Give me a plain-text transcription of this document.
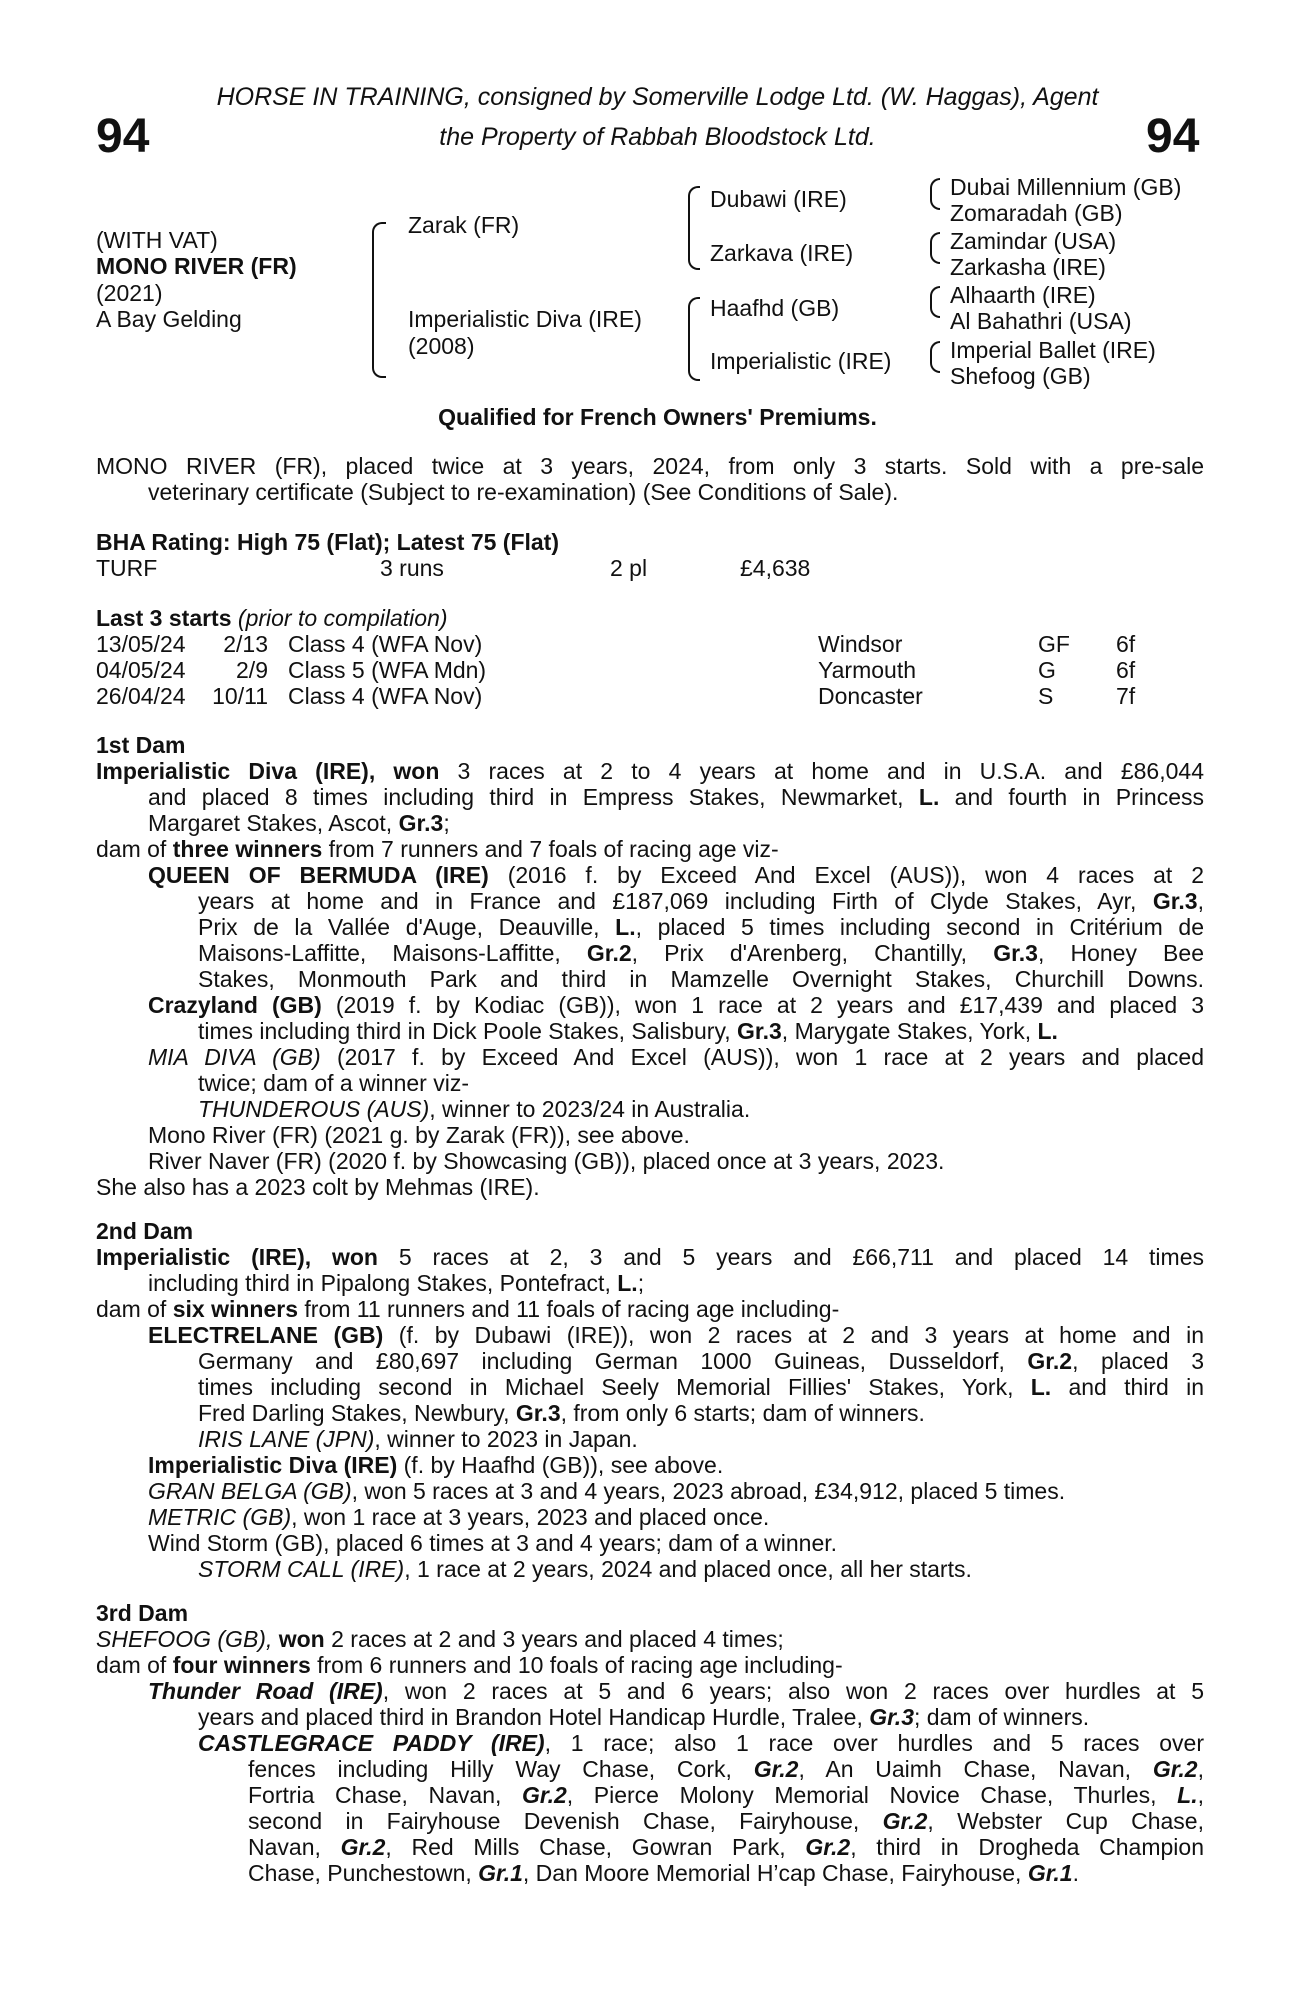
94	94
HORSE IN TRAINING, consigned by Somerville Lodge Ltd. (W. Haggas), Agent
the Property of Rabbah Bloodstock Ltd.
(WITH VAT)
MONO RIVER (FR)
(2021)
A Bay Gelding
Zarak (FR)
Imperialistic Diva (IRE)
(2008)
Dubawi (IRE)
Zarkava (IRE)
Haafhd (GB)
Imperialistic (IRE)
Dubai Millennium (GB)
Zomaradah (GB)
Zamindar (USA)
Zarkasha (IRE)
Alhaarth (IRE)
Al Bahathri (USA)
Imperial Ballet (IRE)
Shefoog (GB)
Qualified for French Owners' Premiums.
MONO RIVER (FR), placed twice at 3 years, 2024, from only 3 starts. Sold with a pre-sale
veterinary certificate (Subject to re-examination) (See Conditions of Sale).
BHA Rating: High 75 (Flat); Latest 75 (Flat)
TURF	3 runs	2 pl	£4,638
Last 3 starts (prior to compilation)
13/05/24	2/13 Class 4 (WFA Nov)	Windsor	GF 6f
04/05/24	2/9 Class 5 (WFA Mdn)	Yarmouth	G	6f
26/04/24	10/11 Class 4 (WFA Nov)	Doncaster	S	7f
1st Dam
Imperialistic Diva (IRE), won 3 races at 2 to 4 years at home and in U.S.A. and £86,044
and placed 8 times including third in Empress Stakes, Newmarket, L. and fourth in Princess
Margaret Stakes, Ascot, Gr.3;
dam of three winners from 7 runners and 7 foals of racing age viz-
QUEEN OF BERMUDA (IRE) (2016 f. by Exceed And Excel (AUS)), won 4 races at 2
years at home and in France and £187,069 including Firth of Clyde Stakes, Ayr, Gr.3,
Prix de la Vallée d'Auge, Deauville, L., placed 5 times including second in Critérium de
Maisons-Laffitte, Maisons-Laffitte, Gr.2, Prix d'Arenberg, Chantilly, Gr.3, Honey Bee
Stakes, Monmouth Park and third in Mamzelle Overnight Stakes, Churchill Downs.
Crazyland (GB) (2019 f. by Kodiac (GB)), won 1 race at 2 years and £17,439 and placed 3
times including third in Dick Poole Stakes, Salisbury, Gr.3, Marygate Stakes, York, L.
MIA DIVA (GB) (2017 f. by Exceed And Excel (AUS)), won 1 race at 2 years and placed
twice; dam of a winner viz-
THUNDEROUS (AUS), winner to 2023/24 in Australia.
Mono River (FR) (2021 g. by Zarak (FR)), see above.
River Naver (FR) (2020 f. by Showcasing (GB)), placed once at 3 years, 2023.
She also has a 2023 colt by Mehmas (IRE).
2nd Dam
Imperialistic (IRE), won 5 races at 2, 3 and 5 years and £66,711 and placed 14 times
including third in Pipalong Stakes, Pontefract, L.;
dam of six winners from 11 runners and 11 foals of racing age including-
ELECTRELANE (GB) (f. by Dubawi (IRE)), won 2 races at 2 and 3 years at home and in
Germany and £80,697 including German 1000 Guineas, Dusseldorf, Gr.2, placed 3
times including second in Michael Seely Memorial Fillies' Stakes, York, L. and third in
Fred Darling Stakes, Newbury, Gr.3, from only 6 starts; dam of winners.
IRIS LANE (JPN), winner to 2023 in Japan.
Imperialistic Diva (IRE) (f. by Haafhd (GB)), see above.
GRAN BELGA (GB), won 5 races at 3 and 4 years, 2023 abroad, £34,912, placed 5 times.
METRIC (GB), won 1 race at 3 years, 2023 and placed once.
Wind Storm (GB), placed 6 times at 3 and 4 years; dam of a winner.
STORM CALL (IRE), 1 race at 2 years, 2024 and placed once, all her starts.
3rd Dam
SHEFOOG (GB), won 2 races at 2 and 3 years and placed 4 times;
dam of four winners from 6 runners and 10 foals of racing age including-
Thunder Road (IRE), won 2 races at 5 and 6 years; also won 2 races over hurdles at 5
years and placed third in Brandon Hotel Handicap Hurdle, Tralee, Gr.3; dam of winners.
CASTLEGRACE PADDY (IRE), 1 race; also 1 race over hurdles and 5 races over
fences including Hilly Way Chase, Cork, Gr.2, An Uaimh Chase, Navan, Gr.2,
Fortria Chase, Navan, Gr.2, Pierce Molony Memorial Novice Chase, Thurles, L.,
second in Fairyhouse Devenish Chase, Fairyhouse, Gr.2, Webster Cup Chase,
Navan, Gr.2, Red Mills Chase, Gowran Park, Gr.2, third in Drogheda Champion
Chase, Punchestown, Gr.1, Dan Moore Memorial H’cap Chase, Fairyhouse, Gr.1.
